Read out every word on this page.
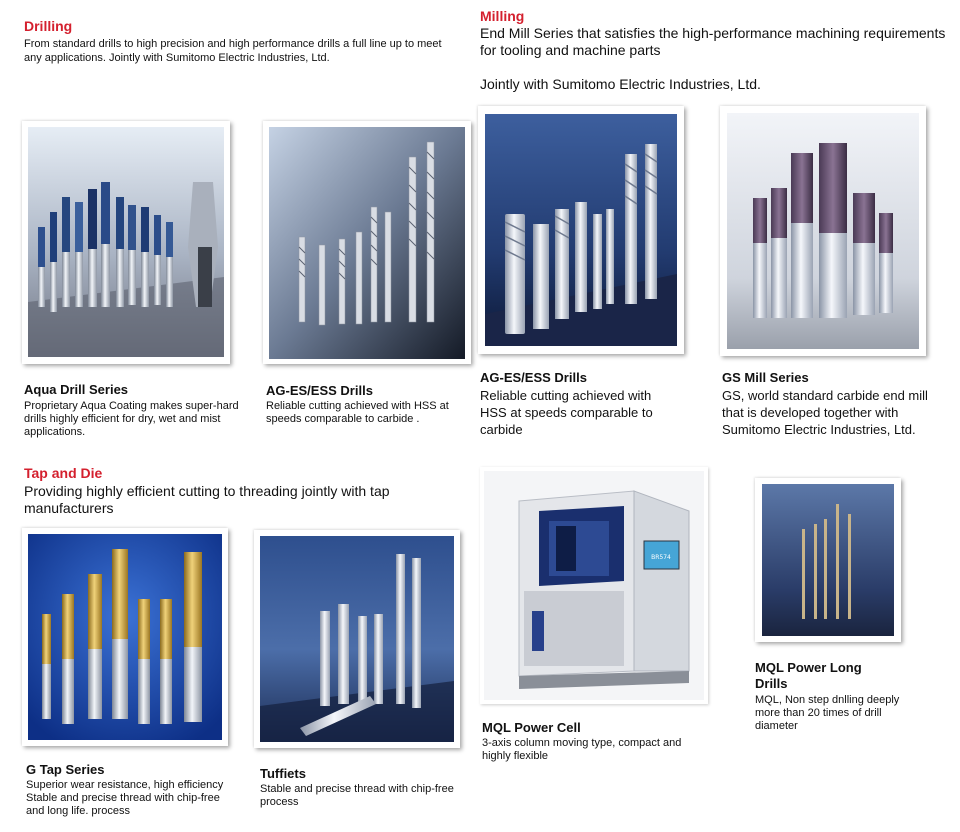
Drilling
From standard drills to high precision and high performance drills a full line up to meet any applications. Jointly with Sumitomo Electric Industries, Ltd.
Aqua Drill Series
Proprietary Aqua Coating makes super-hard drills highly efficient for dry, wet and mist applications.
AG-ES/ESS Drills
Reliable cutting achieved with HSS at speeds comparable to carbide .
Milling
End Mill Series that satisfies the high-performance machining requirements for tooling and machine parts
Jointly with Sumitomo Electric Industries, Ltd.
AG-ES/ESS Drills
Reliable cutting achieved with HSS at speeds comparable to carbide
GS Mill Series
GS, world standard carbide end mill that is developed together with Sumitomo Electric Industries, Ltd.
Tap and Die
Providing highly efficient cutting to threading jointly with tap manufacturers
G Tap Series
Superior wear resistance, high efficiency Stable and precise thread with chip-free and long life. process
Tuffiets
Stable and precise thread with chip-free process
BR574
MQL Power Cell
3-axis column moving type, compact and highly flexible
MQL Power Long Drills
MQL, Non step dnlling deeply more than 20 times of drill diameter
